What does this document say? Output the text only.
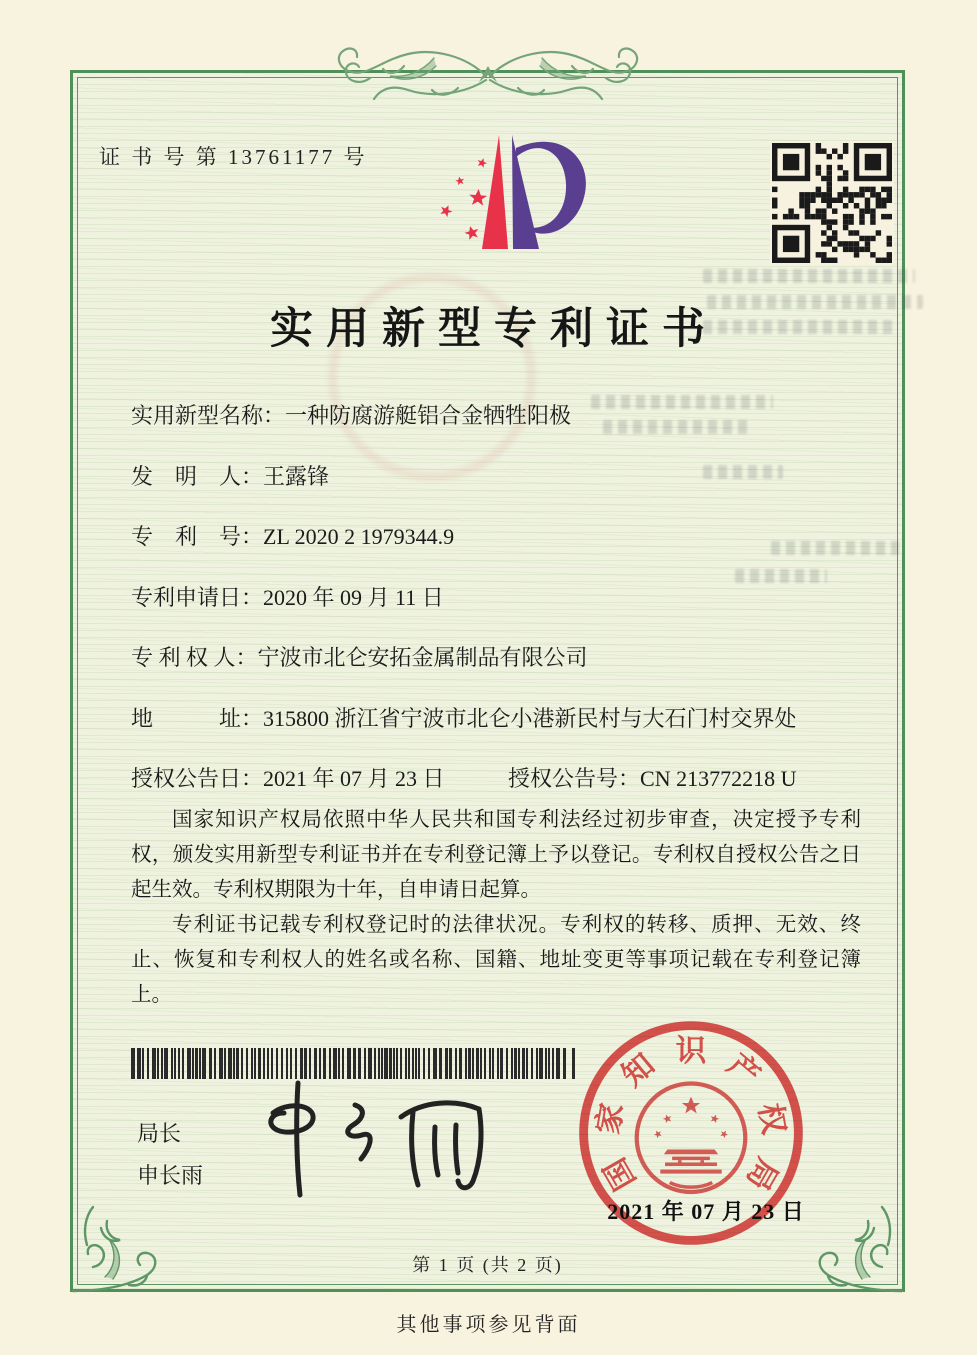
证 书 号 第 13761177 号
实用新型专利证书
实用新型名称：一种防腐游艇铝合金牺牲阳极
发　明　人：王露锋
专　利　号：ZL 2020 2 1979344.9
专利申请日：2020 年 09 月 11 日
专 利 权 人：宁波市北仑安拓金属制品有限公司
地　　　址：315800 浙江省宁波市北仑小港新民村与大石门村交界处
授权公告日：2021 年 07 月 23 日	授权公告号：CN 213772218 U

国家知识产权局依照中华人民共和国专利法经过初步审查，决定授予专利权，颁发实用新型专利证书并在专利登记簿上予以登记。专利权自授权公告之日起生效。专利权期限为十年，自申请日起算。

专利证书记载专利权登记时的法律状况。专利权的转移、质押、无效、终止、恢复和专利权人的姓名或名称、国籍、地址变更等事项记载在专利登记簿上。

局长
申长雨	国
家
知 识 产
权
局
2021 年 07 月 23 日
第 1 页 (共 2 页)
其他事项参见背面
